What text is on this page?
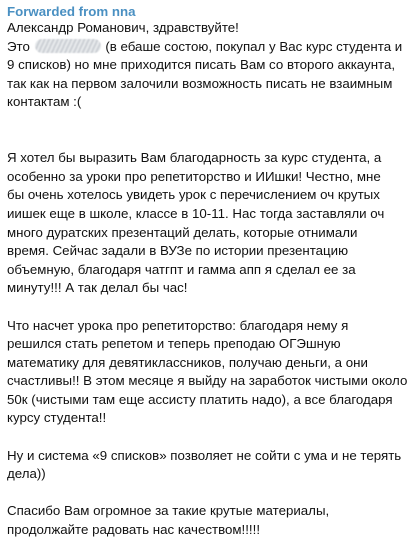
Forwarded from nna
Александр Романович, здравствуйте!
Это	(в ебаше состою, покупал у Вас курс студента и
9 списков) но мне приходится писать Вам со второго аккаунта,
так как на первом залочили возможность писать не взаимным
контактам :(
Я хотел бы выразить Вам благодарность за курс студента, а
особенно за уроки про репетиторство и ИИшки! Честно, мне
бы очень хотелось увидеть урок с перечислением оч крутых
иишек еще в школе, классе в 10-11. Нас тогда заставляли оч
много дуратских презентаций делать, которые отнимали
время. Сейчас задали в ВУЗе по истории презентацию
объемную, благодаря чатгпт и гамма апп я сделал ее за
минуту!!! А так делал бы час!
Что насчет урока про репетиторство: благодаря нему я
решился стать репетом и теперь преподаю ОГЭшную
математику для девятиклассников, получаю деньги, а они
счастливы!! В этом месяце я выйду на заработок чистыми около
50к (чистыми там еще ассисту платить надо), а все благодаря
курсу студента!!
Ну и система «9 списков» позволяет не сойти с ума и не терять
дела))
Спасибо Вам огромное за такие крутые материалы,
продолжайте радовать нас качеством!!!!!
